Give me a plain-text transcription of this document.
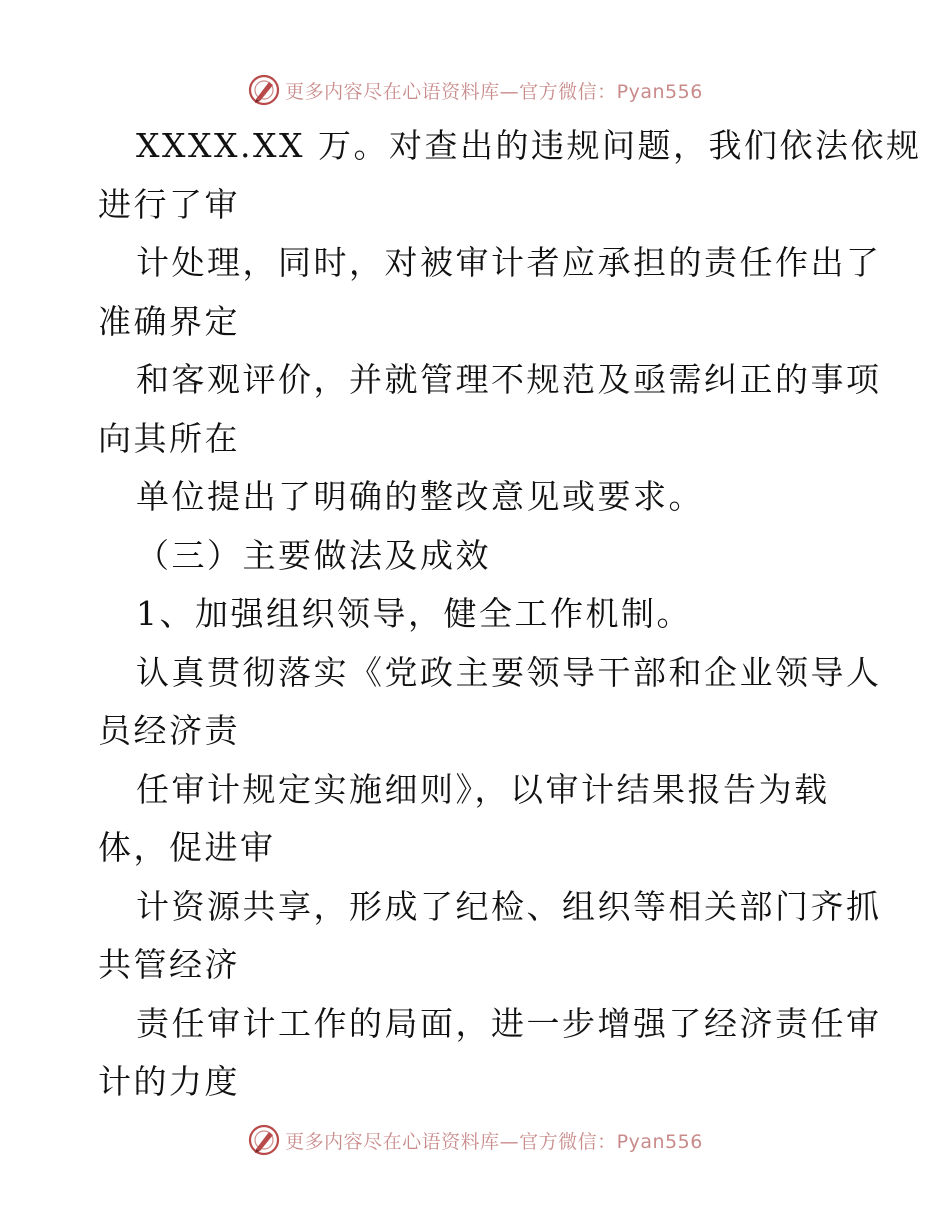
更多内容尽在心语资料库—官方微信：Pyan556
XXXX.XX 万。对查出的违规问题，我们依法依规
进行了审
计处理，同时，对被审计者应承担的责任作出了
准确界定
和客观评价，并就管理不规范及亟需纠正的事项
向其所在
单位提出了明确的整改意见或要求。
（三）主要做法及成效
1、加强组织领导，健全工作机制。
认真贯彻落实《党政主要领导干部和企业领导人
员经济责
任审计规定实施细则》，以审计结果报告为载
体，促进审
计资源共享，形成了纪检、组织等相关部门齐抓
共管经济
责任审计工作的局面，进一步增强了经济责任审
计的力度
更多内容尽在心语资料库—官方微信：Pyan556
